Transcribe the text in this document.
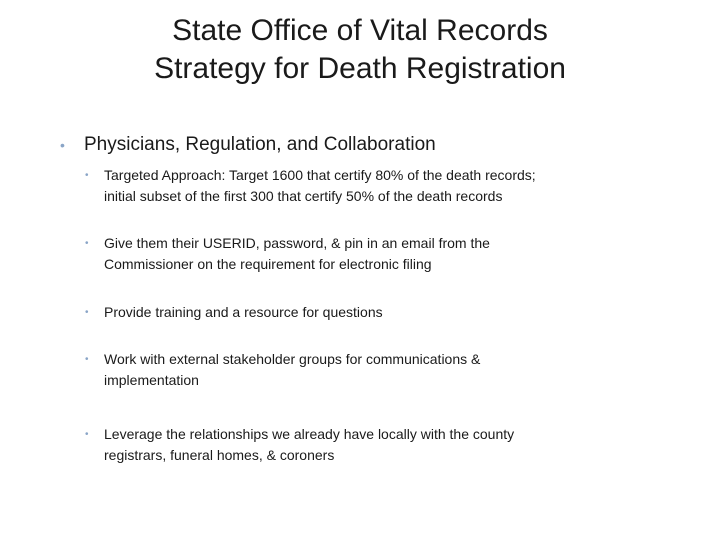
State Office of Vital Records
Strategy for Death Registration
• Physicians, Regulation, and Collaboration
• Targeted Approach: Target 1600 that certify 80% of the death records;
initial subset of the first 300 that certify 50% of the death records
• Give them their USERID, password, & pin in an email from the
Commissioner on the requirement for electronic filing
• Provide training and a resource for questions
• Work with external stakeholder groups for communications &
implementation
• Leverage the relationships we already have locally with the county
registrars, funeral homes, & coroners
